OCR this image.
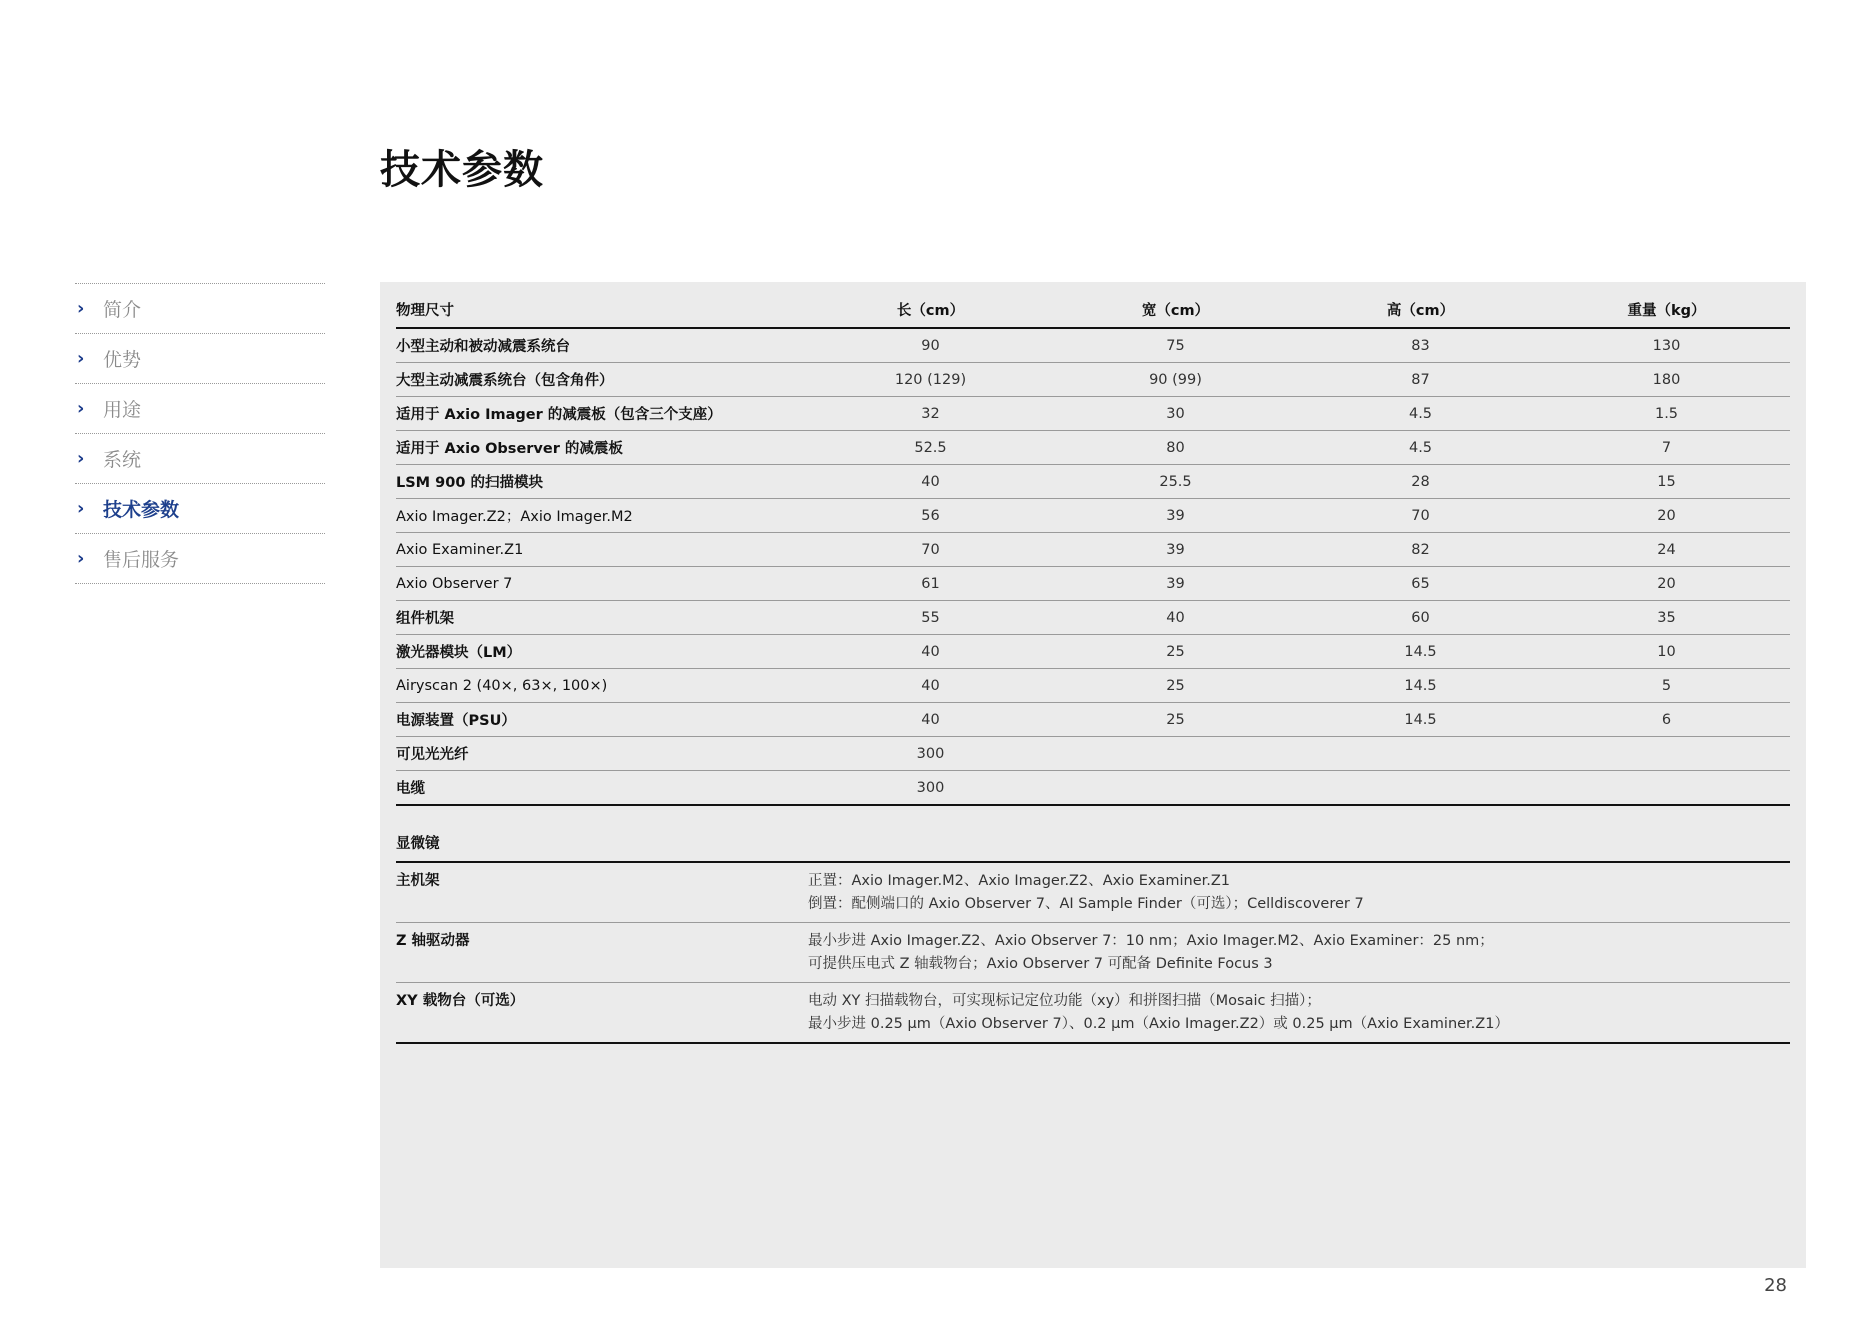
技术参数
› 简介
› 优势
› 用途
› 系统
› 技术参数
› 售后服务
物理尺寸	长（cm）	宽（cm）	高（cm）	重量（kg）
小型主动和被动减震系统台	90	75	83	130
大型主动减震系统台（包含角件）	120 (129)	90 (99)	87	180
适用于 Axio Imager 的减震板（包含三个支座）	32	30	4.5	1.5
适用于 Axio Observer 的减震板	52.5	80	4.5	7
LSM 900 的扫描模块	40	25.5	28	15
Axio Imager.Z2；Axio Imager.M2	56	39	70	20
Axio Examiner.Z1	70	39	82	24
Axio Observer 7	61	39	65	20
组件机架	55	40	60	35
激光器模块（LM）	40	25	14.5	10
Airyscan 2 (40×, 63×, 100×)	40	25	14.5	5
电源装置（PSU）	40	25	14.5	6
可见光光纤	300			
电缆	300			
显微镜	
主机架	正置：Axio Imager.M2、Axio Imager.Z2、Axio Examiner.Z1
倒置：配侧端口的 Axio Observer 7、AI Sample Finder（可选）；Celldiscoverer 7

Z 轴驱动器	最小步进 Axio Imager.Z2、Axio Observer 7：10 nm；Axio Imager.M2、Axio Examiner：25 nm；
可提供压电式 Z 轴载物台；Axio Observer 7 可配备 Definite Focus 3

XY 载物台（可选）	电动 XY 扫描载物台，可实现标记定位功能（xy）和拼图扫描（Mosaic 扫描）；
最小步进 0.25 µm（Axio Observer 7）、0.2 µm（Axio Imager.Z2）或 0.25 µm（Axio Examiner.Z1）
28
